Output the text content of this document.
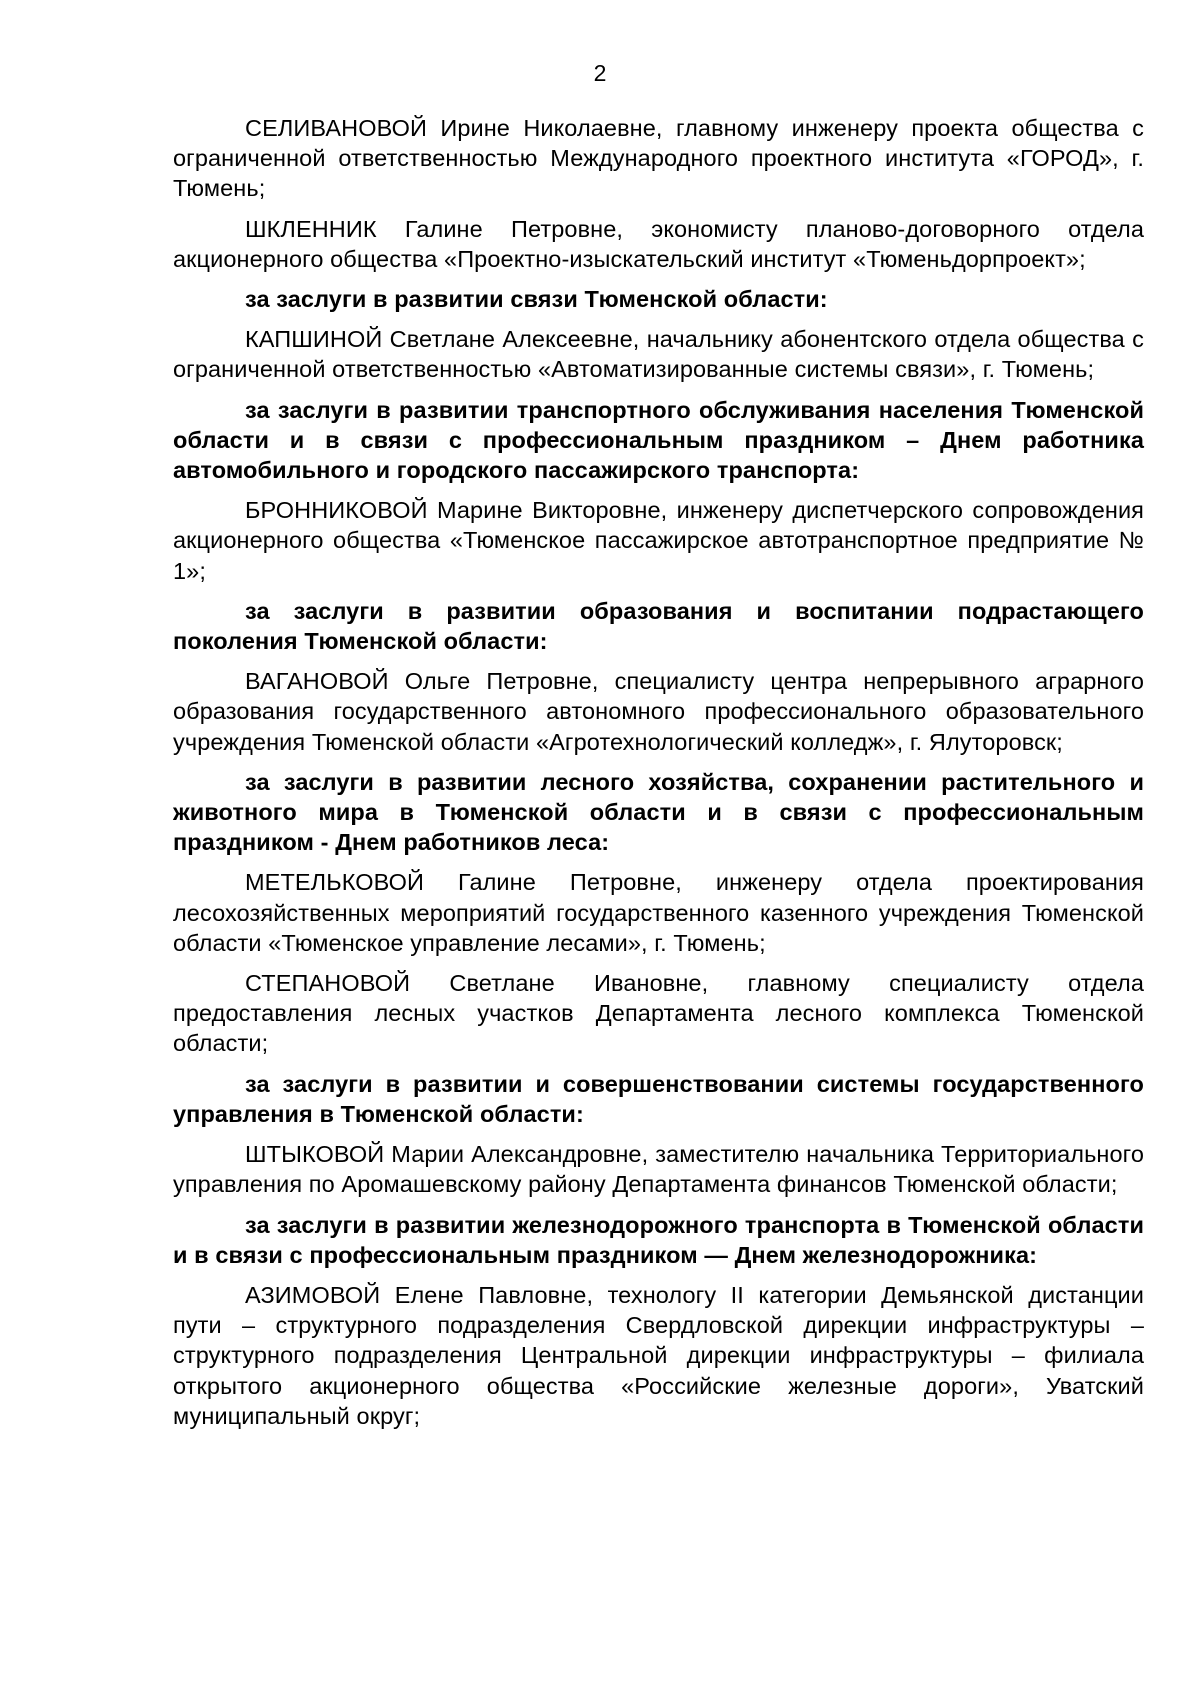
2

СЕЛИВАНОВОЙ Ирине Николаевне, главному инженеру проекта общества с ограниченной ответственностью Международного проектного института «ГОРОД», г. Тюмень;

ШКЛЕННИК Галине Петровне, экономисту планово-договорного отдела акционерного общества «Проектно-изыскательский институт «Тюменьдорпроект»;

за заслуги в развитии связи Тюменской области:

КАПШИНОЙ Светлане Алексеевне, начальнику абонентского отдела общества с ограниченной ответственностью «Автоматизированные системы связи», г. Тюмень;

за заслуги в развитии транспортного обслуживания населения Тюменской области и в связи с профессиональным праздником – Днем работника автомобильного и городского пассажирского транспорта:

БРОННИКОВОЙ Марине Викторовне, инженеру диспетчерского сопровождения акционерного общества «Тюменское пассажирское автотранспортное предприятие № 1»;

за заслуги в развитии образования и воспитании подрастающего поколения Тюменской области:

ВАГАНОВОЙ Ольге Петровне, специалисту центра непрерывного аграрного образования государственного автономного профессионального образовательного учреждения Тюменской области «Агротехнологический колледж», г. Ялуторовск;

за заслуги в развитии лесного хозяйства, сохранении растительного и животного мира в Тюменской области и в связи с профессиональным праздником - Днем работников леса:

МЕТЕЛЬКОВОЙ Галине Петровне, инженеру отдела проектирования лесохозяйственных мероприятий государственного казенного учреждения Тюменской области «Тюменское управление лесами», г. Тюмень;

СТЕПАНОВОЙ Светлане Ивановне, главному специалисту отдела предоставления лесных участков Департамента лесного комплекса Тюменской области;

за заслуги в развитии и совершенствовании системы государственного управления в Тюменской области:

ШТЫКОВОЙ Марии Александровне, заместителю начальника Территориального управления по Аромашевскому району Департамента финансов Тюменской области;

за заслуги в развитии железнодорожного транспорта в Тюменской области и в связи с профессиональным праздником — Днем железнодорожника:

АЗИМОВОЙ Елене Павловне, технологу II категории Демьянской дистанции пути – структурного подразделения Свердловской дирекции инфраструктуры – структурного подразделения Центральной дирекции инфраструктуры – филиала открытого акционерного общества «Российские железные дороги», Уватский муниципальный округ;
